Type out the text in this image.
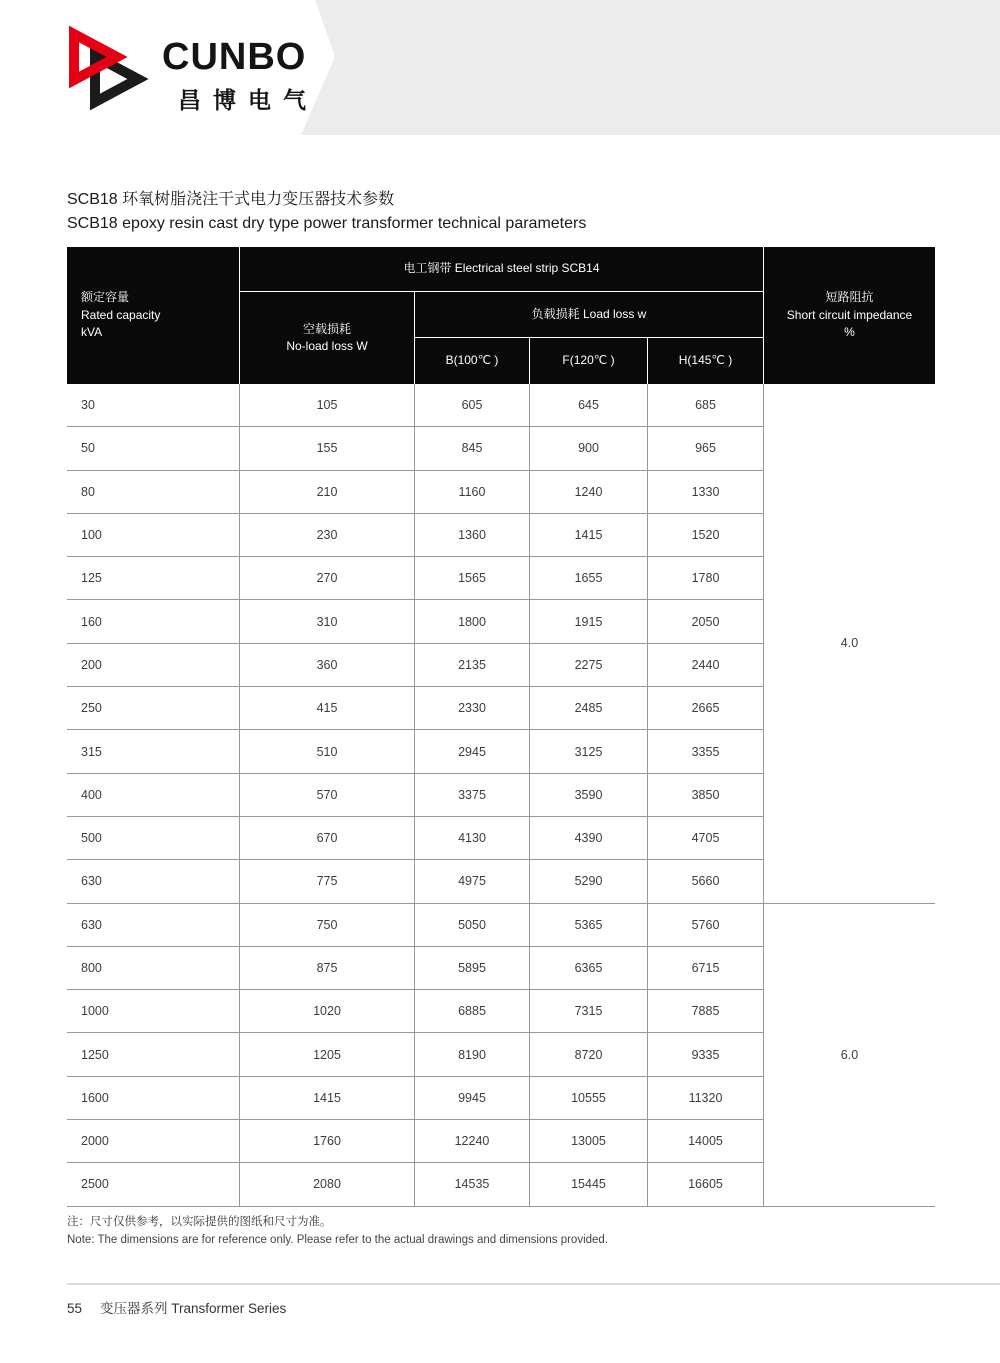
CUNBO
昌博电气
SCB18 环氧树脂浇注干式电力变压器技术参数
SCB18 epoxy resin cast dry type power transformer technical parameters
额定容量
Rated capacity
kVA
电工钢带 Electrical steel strip SCB14
空载损耗
No-load loss W
负载损耗 Load loss w
B(100℃ )	F(120℃ )	H(145℃ )
短路阻抗
Short circuit impedance
%
30	105	605	645	685
50	155	845	900	965
80	210	1160	1240	1330
100	230	1360	1415	1520
125	270	1565	1655	1780
160	310	1800	1915	2050
200	360	2135	2275	2440
250	415	2330	2485	2665
315	510	2945	3125	3355
400	570	3375	3590	3850
500	670	4130	4390	4705
630	775	4975	5290	5660
630	750	5050	5365	5760
800	875	5895	6365	6715
1000	1020	6885	7315	7885
1250	1205	8190	8720	9335
1600	1415	9945	10555	11320
2000	1760	12240	13005	14005
2500	2080	14535	15445	16605
4.0
6.0
注：尺寸仅供参考，以实际提供的图纸和尺寸为准。
Note: The dimensions are for reference only. Please refer to the actual drawings and dimensions provided.
55 变压器系列 Transformer Series
